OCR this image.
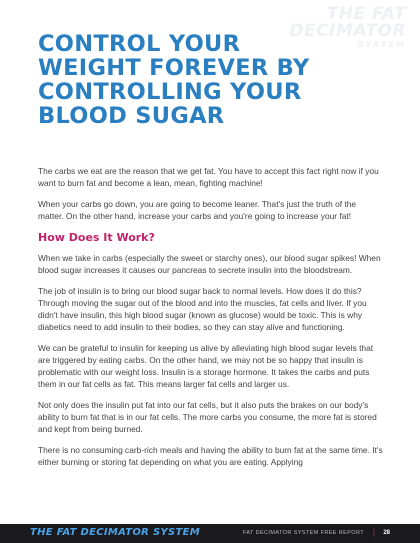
THE FAT DECIMATOR
SYSTEM
CONTROL YOUR
WEIGHT FOREVER BY
CONTROLLING YOUR
BLOOD SUGAR

The carbs we eat are the reason that we get fat. You have to accept this fact right now if you want to burn fat and become a lean, mean, fighting machine!

When your carbs go down, you are going to become leaner. That's just the truth of the matter. On the other hand, increase your carbs and you're going to increase your fat!

How Does It Work?

When we take in carbs (especially the sweet or starchy ones), our blood sugar spikes! When blood sugar increases it causes our pancreas to secrete insulin into the bloodstream.

The job of insulin is to bring our blood sugar back to normal levels. How does it do this? Through moving the sugar out of the blood and into the muscles, fat cells and liver. If you didn't have insulin, this high blood sugar (known as glucose) would be toxic. This is why diabetics need to add insulin to their bodies, so they can stay alive and functioning.

We can be grateful to insulin for keeping us alive by alleviating high blood sugar levels that are triggered by eating carbs. On the other hand, we may not be so happy that insulin is problematic with our weight loss. Insulin is a storage hormone. It takes the carbs and puts them in our fat cells as fat. This means larger fat cells and larger us.

Not only does the insulin put fat into our fat cells, but it also puts the brakes on our body's ability to burn fat that is in our fat cells. The more carbs you consume, the more fat is stored and kept from being burned.

There is no consuming carb-rich meals and having the ability to burn fat at the same time. It's either burning or storing fat depending on what you are eating. Applying

THE FAT DECIMATOR SYSTEM	FAT DECIMATOR SYSTEM FREE REPORT | 28
